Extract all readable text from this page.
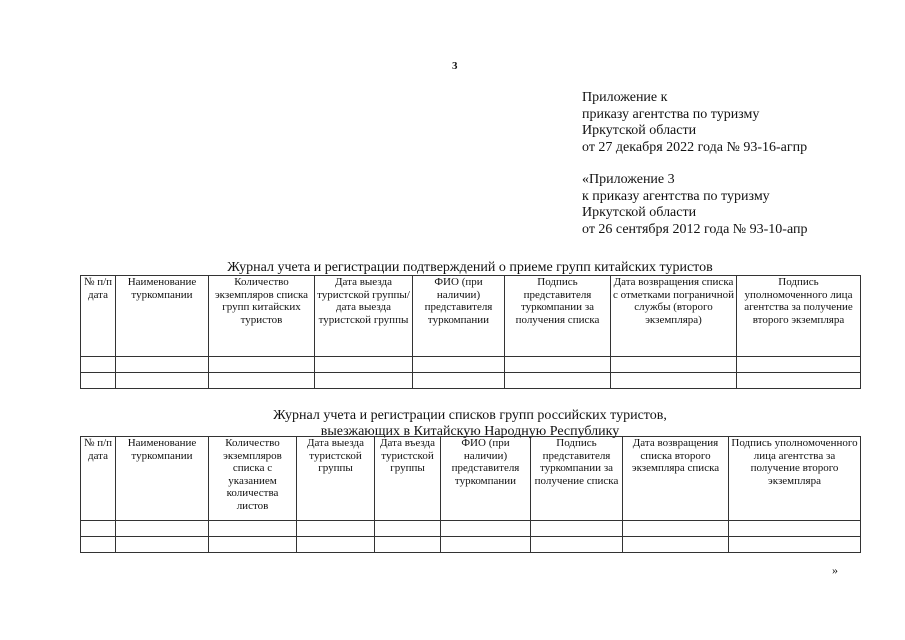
3
Приложение к
приказу агентства по туризму
Иркутской области
от 27 декабря 2022 года № 93-16-агпр
«Приложение 3
к приказу агентства по туризму
Иркутской области
от 26 сентября 2012 года № 93-10-апр
Журнал учета и регистрации подтверждений о приеме групп китайских туристов
№ п/п дата	Наименование туркомпании	Количество экземпляров списка групп китайских туристов	Дата выезда туристской группы/дата выезда туристской группы	ФИО (при наличии) представителя туркомпании	Подпись представителя туркомпании за получения списка	Дата возвращения списка с отметками пограничной службы (второго экземпляра)	Подпись уполномоченного лица агентства за получение второго экземпляра

Журнал учета и регистрации списков групп российских туристов,
выезжающих в Китайскую Народную Республику
№ п/п дата	Наименование туркомпании	Количество экземпляров списка с указанием количества листов	Дата выезда туристской группы	Дата въезда туристской группы	ФИО (при наличии) представителя туркомпании	Подпись представителя туркомпании за получение списка	Дата возвращения списка второго экземпляра списка	Подпись уполномоченного лица агентства за получение второго экземпляра

»
